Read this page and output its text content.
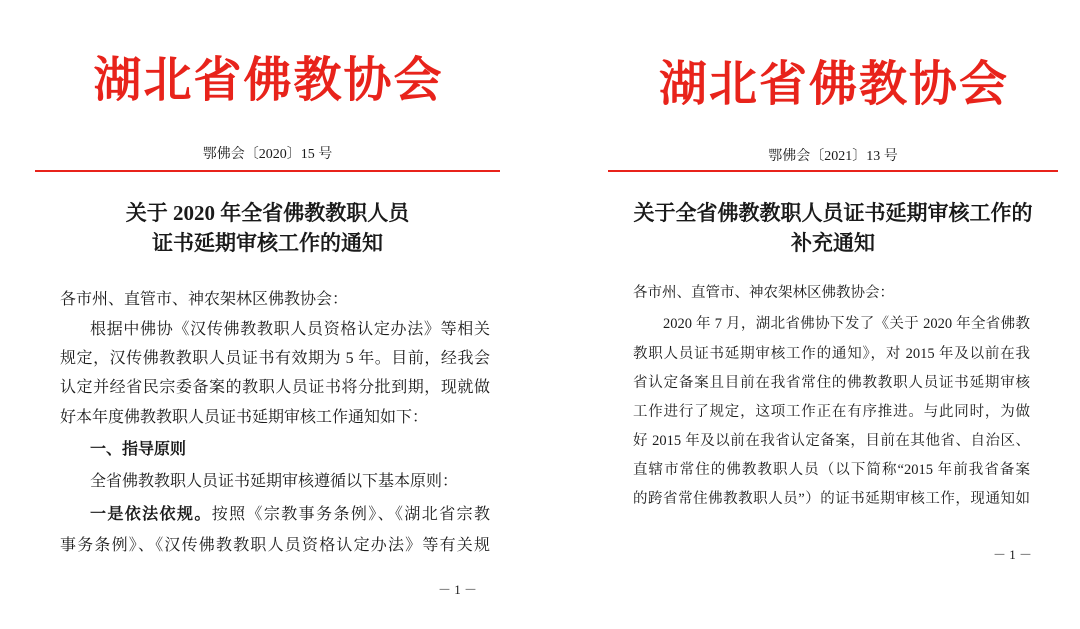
湖北省佛教协会
鄂佛会〔2020〕15 号
关于 2020 年全省佛教教职人员
证书延期审核工作的通知
各市州、直管市、神农架林区佛教协会：
根据中佛协《汉传佛教教职人员资格认定办法》等相关
规定，汉传佛教教职人员证书有效期为 5 年。目前，经我会
认定并经省民宗委备案的教职人员证书将分批到期，现就做
好本年度佛教教职人员证书延期审核工作通知如下：
一、指导原则
全省佛教教职人员证书延期审核遵循以下基本原则：
一是依法依规。按照《宗教事务条例》、《湖北省宗教
事务条例》、《汉传佛教教职人员资格认定办法》等有关规
－ 1 －
湖北省佛教协会
鄂佛会〔2021〕13 号
关于全省佛教教职人员证书延期审核工作的
补充通知
各市州、直管市、神农架林区佛教协会：
2020 年 7 月，湖北省佛协下发了《关于 2020 年全省佛教
教职人员证书延期审核工作的通知》，对 2015 年及以前在我
省认定备案且目前在我省常住的佛教教职人员证书延期审核
工作进行了规定，这项工作正在有序推进。与此同时，为做
好 2015 年及以前在我省认定备案，目前在其他省、自治区、
直辖市常住的佛教教职人员（以下简称“2015 年前我省备案
的跨省常住佛教教职人员”）的证书延期审核工作，现通知如
－ 1 －
